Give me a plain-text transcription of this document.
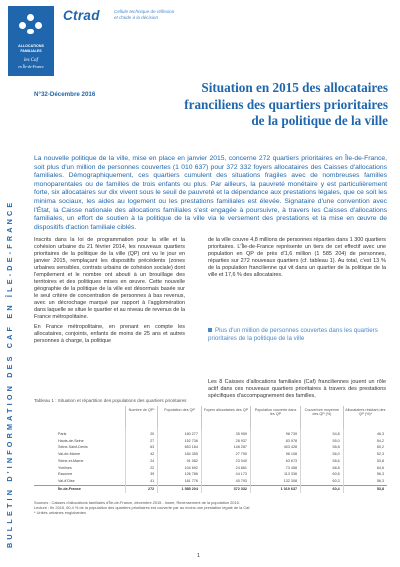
ALLOCATIONS
FAMILIALES
les Caf
en Île-de-France
Ctrad	Cellule technique de réflexion
et d'aide à la décision
BULLETIN D'INFORMATION DES CAF EN ÎLE-DE-FRANCE
N°32-Décembre 2016	Situation en 2015 des allocataires
franciliens des quartiers prioritaires
de la politique de la ville
La nouvelle politique de la ville, mise en place en janvier 2015, concerne 272 quartiers prioritaires en Île-de-France, soit plus d'un million de personnes couvertes (1 010 637) pour 372 332 foyers allocataires des Caisses d'allocations familiales. Démographiquement, ces quartiers cumulent des situations fragiles avec de nombreuses familles monoparentales ou de familles de trois enfants ou plus. Par ailleurs, la pauvreté monétaire y est particulièrement forte, six allocataires sur dix vivent sous le seuil de pauvreté et la dépendance aux prestations légales, que ce soit les minima sociaux, les aides au logement ou les prestations familiales est élevée. Signataire d'une convention avec l'État, la Caisse nationale des allocations familiales s'est engagée à poursuivre, à travers les Caisses d'allocations familiales, un effort de soutien à la politique de la ville via le versement des prestations et la mise en œuvre de dispositifs d'action familiale ciblés.

Inscrits dans la loi de programmation pour la ville et la cohésion urbaine du 21 février 2014, les nouveaux quartiers prioritaires de la politique de la ville (QP) ont vu le jour en janvier 2015, remplaçant les dispositifs précédents (zones urbaines sensibles, contrats urbains de cohésion sociale) dont l'empilement et le nombre ont abouti à un brouillage des territoires et des politiques mises en œuvre. Cette nouvelle géographie de la politique de la ville est désormais basée sur le seul critère de concentration de personnes à bas revenus, avec un décrochage marqué par rapport à l'agglomération dans laquelle se situe le quartier et au niveau de revenus de la France métropolitaine.

En France métropolitaine, en prenant en compte les allocataires, conjoints, enfants de moins de 25 ans et autres personnes à charge, la politique

de la ville couvre 4,8 millions de personnes réparties dans 1 300 quartiers prioritaires. L'Île-de-France représente un tiers de cet effectif avec une population en QP de près d'1,6 million (1 585 204) de personnes, réparties sur 272 nouveaux quartiers (cf. tableau 1). Au total, c'est 13 % de la population francilienne qui vit dans un quartier de la politique de la ville et 17,6 % des allocataires.

Plus d'un million de personnes couvertes dans les quartiers prioritaires de la politique de la ville

Les 8 Caisses d'allocations familiales (Caf) franciliennes jouent un rôle actif dans ces nouveaux quartiers prioritaires à travers des prestations spécifiques d'accompagnement des familles,

Tableau 1 : Situation et répartition des populations des quartiers prioritaires
	Nombre de QP*	Population des QP	Foyers allocataires des QP	Population couverte dans les QP	Couverture moyenne des QP (%)	Allocataires résidant des QP (%)*
Paris	20	160 277	35 959	98 739	54,8	46,3
Hauts-de-Seine	27	152 736	28 937	83 978	55,0	54,2
Seine-Saint-Denis	63	653 184	148 287	403 428	58,8	60,2
Val-de-Marne	42	184 355	27 790	96 108	56,0	52,3
Seine-et-Marne	24	91 082	23 040	63 673	58,6	53,8
Yvelines	22	104 692	24 861	73 458	68,8	64,6
Essonne	39	126 786	44 173	113 336	60,6	56,3
Val-d'Oise	41	161 776	40 793	132 308	60,3	56,3
Île-de-France	272	1 585 204	372 332	1 010 637	60,4	53,8
Sources : Caisses d'allocations familiales d'Île-de-France, décembre 2015 - Insee, Recensement de la population 2015.
Lecture : fin 2015, 60,4 % de la population des quartiers prioritaires est couverte par au moins une prestation légale de la Caf.
* Unités urbaines englobantes
1
